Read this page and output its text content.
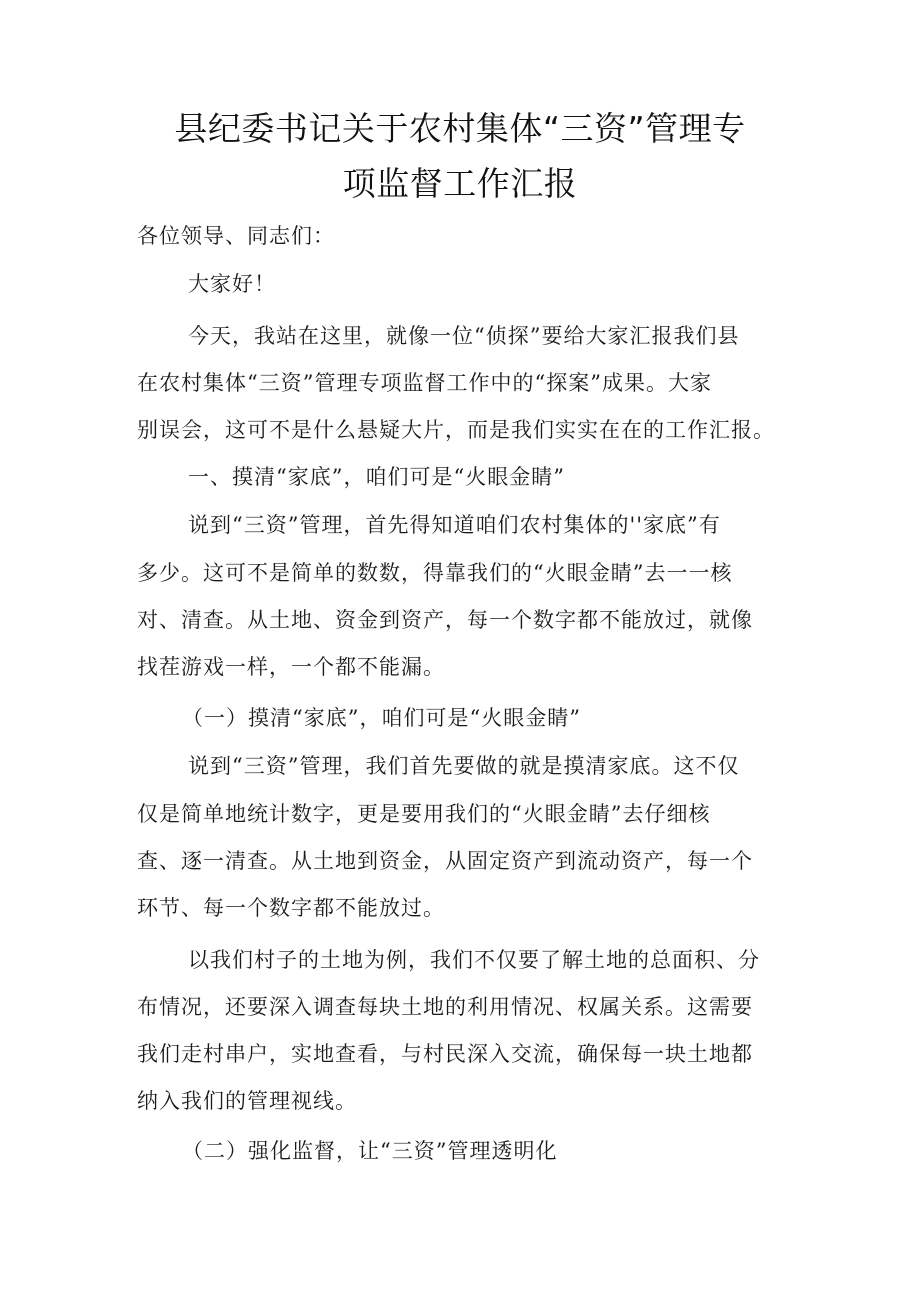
县纪委书记关于农村集体“三资”管理专
项监督工作汇报
各位领导、同志们：
大家好！
今天，我站在这里，就像一位“侦探”要给大家汇报我们县
在农村集体“三资”管理专项监督工作中的“探案”成果。大家
别误会，这可不是什么悬疑大片，而是我们实实在在的工作汇报。
一、摸清“家底”，咱们可是“火眼金睛”
说到“三资”管理，首先得知道咱们农村集体的''家底”有
多少。这可不是简单的数数，得靠我们的“火眼金睛”去一一核
对、清查。从土地、资金到资产，每一个数字都不能放过，就像
找茬游戏一样，一个都不能漏。
（一）摸清“家底”，咱们可是“火眼金睛”
说到“三资”管理，我们首先要做的就是摸清家底。这不仅
仅是简单地统计数字，更是要用我们的“火眼金睛”去仔细核
查、逐一清查。从土地到资金，从固定资产到流动资产，每一个
环节、每一个数字都不能放过。
以我们村子的土地为例，我们不仅要了解土地的总面积、分
布情况，还要深入调查每块土地的利用情况、权属关系。这需要
我们走村串户，实地查看，与村民深入交流，确保每一块土地都
纳入我们的管理视线。
（二）强化监督，让“三资”管理透明化
